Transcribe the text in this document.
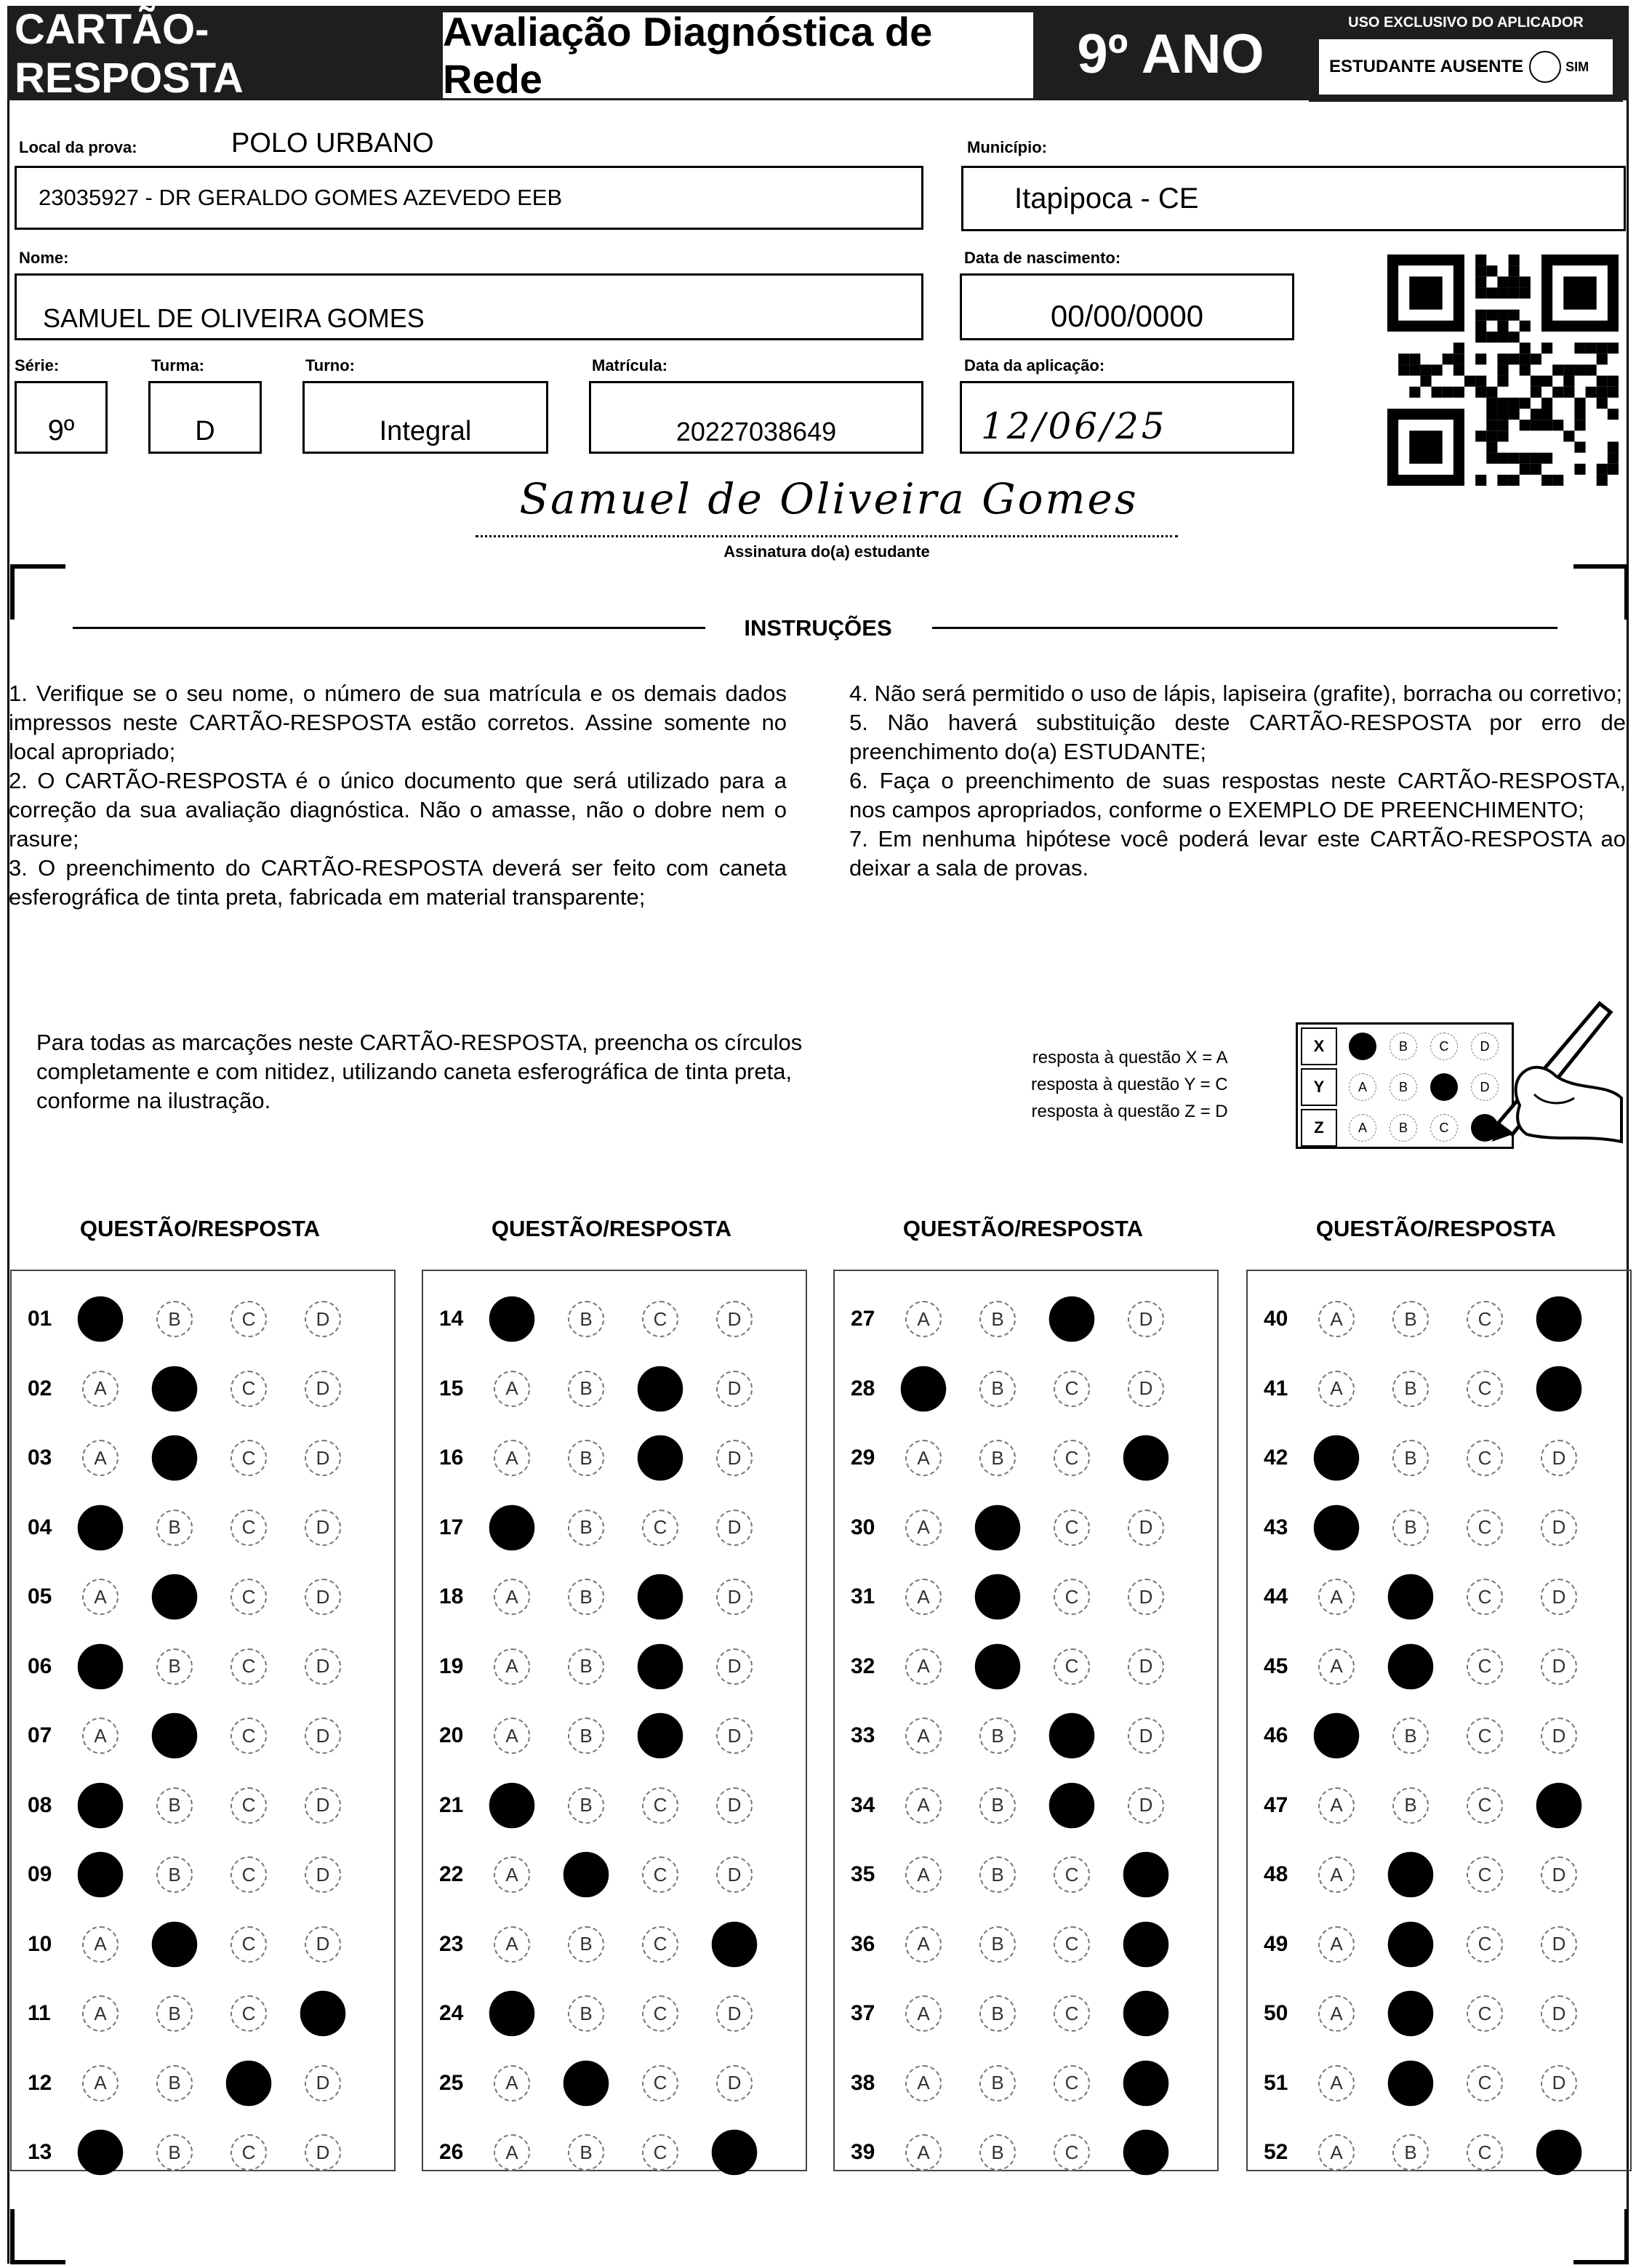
CARTÃO-RESPOSTA
Avaliação Diagnóstica de Rede	9º ANO
USO EXCLUSIVO DO APLICADOR
ESTUDANTE AUSENTE	SIM
Local da prova:	POLO URBANO
23035927 - DR GERALDO GOMES AZEVEDO EEB
Município:
Itapipoca - CE
Nome:
SAMUEL DE OLIVEIRA GOMES
Data de nascimento:
00/00/0000
Série:
9º
Turma:
D
Turno:
Integral
Matrícula:
20227038649
Data da aplicação:
12/06/25
Samuel de Oliveira Gomes
Assinatura do(a) estudante
INSTRUÇÕES

1. Verifique se o seu nome, o número de sua matrícula e os demais dados impressos neste CARTÃO-RESPOSTA estão corretos. Assine somente no local apropriado;

2. O CARTÃO-RESPOSTA é o único documento que será utilizado para a correção da sua avaliação diagnóstica. Não o amasse, não o dobre nem o rasure;

3. O preenchimento do CARTÃO-RESPOSTA deverá ser feito com caneta esferográfica de tinta preta, fabricada em material transparente;

4. Não será permitido o uso de lápis, lapiseira (grafite), borracha ou corretivo;

5. Não haverá substituição deste CARTÃO-RESPOSTA por erro de preenchimento do(a) ESTUDANTE;

6. Faça o preenchimento de suas respostas neste CARTÃO-RESPOSTA, nos campos apropriados, conforme o EXEMPLO DE PREENCHIMENTO;

7. Em nenhuma hipótese você poderá levar este CARTÃO-RESPOSTA ao deixar a sala de provas.

Para todas as marcações neste CARTÃO-RESPOSTA, preencha os círculos completamente e com nitidez, utilizando caneta esferográfica de tinta preta, conforme na ilustração.
resposta à questão X = A
resposta à questão Y = C
resposta à questão Z = D
X	A	B	C	D
Y	A	B	C	D
Z	A	B	C	D
QUESTÃO/RESPOSTA
01	A	B	C	D
02	A	B	C	D
03	A	B	C	D
04	A	B	C	D
05	A	B	C	D
06	A	B	C	D
07	A	B	C	D
08	A	B	C	D
09	A	B	C	D
10	A	B	C	D
11	A	B	C	D
12	A	B	C	D
13	A	B	C	D
QUESTÃO/RESPOSTA
14	A	B	C	D
15	A	B	C	D
16	A	B	C	D
17	A	B	C	D
18	A	B	C	D
19	A	B	C	D
20	A	B	C	D
21	A	B	C	D
22	A	B	C	D
23	A	B	C	D
24	A	B	C	D
25	A	B	C	D
26	A	B	C	D
QUESTÃO/RESPOSTA
27	A	B	C	D
28	A	B	C	D
29	A	B	C	D
30	A	B	C	D
31	A	B	C	D
32	A	B	C	D
33	A	B	C	D
34	A	B	C	D
35	A	B	C	D
36	A	B	C	D
37	A	B	C	D
38	A	B	C	D
39	A	B	C	D
QUESTÃO/RESPOSTA
40	A	B	C	D
41	A	B	C	D
42	A	B	C	D
43	A	B	C	D
44	A	B	C	D
45	A	B	C	D
46	A	B	C	D
47	A	B	C	D
48	A	B	C	D
49	A	B	C	D
50	A	B	C	D
51	A	B	C	D
52	A	B	C	D
